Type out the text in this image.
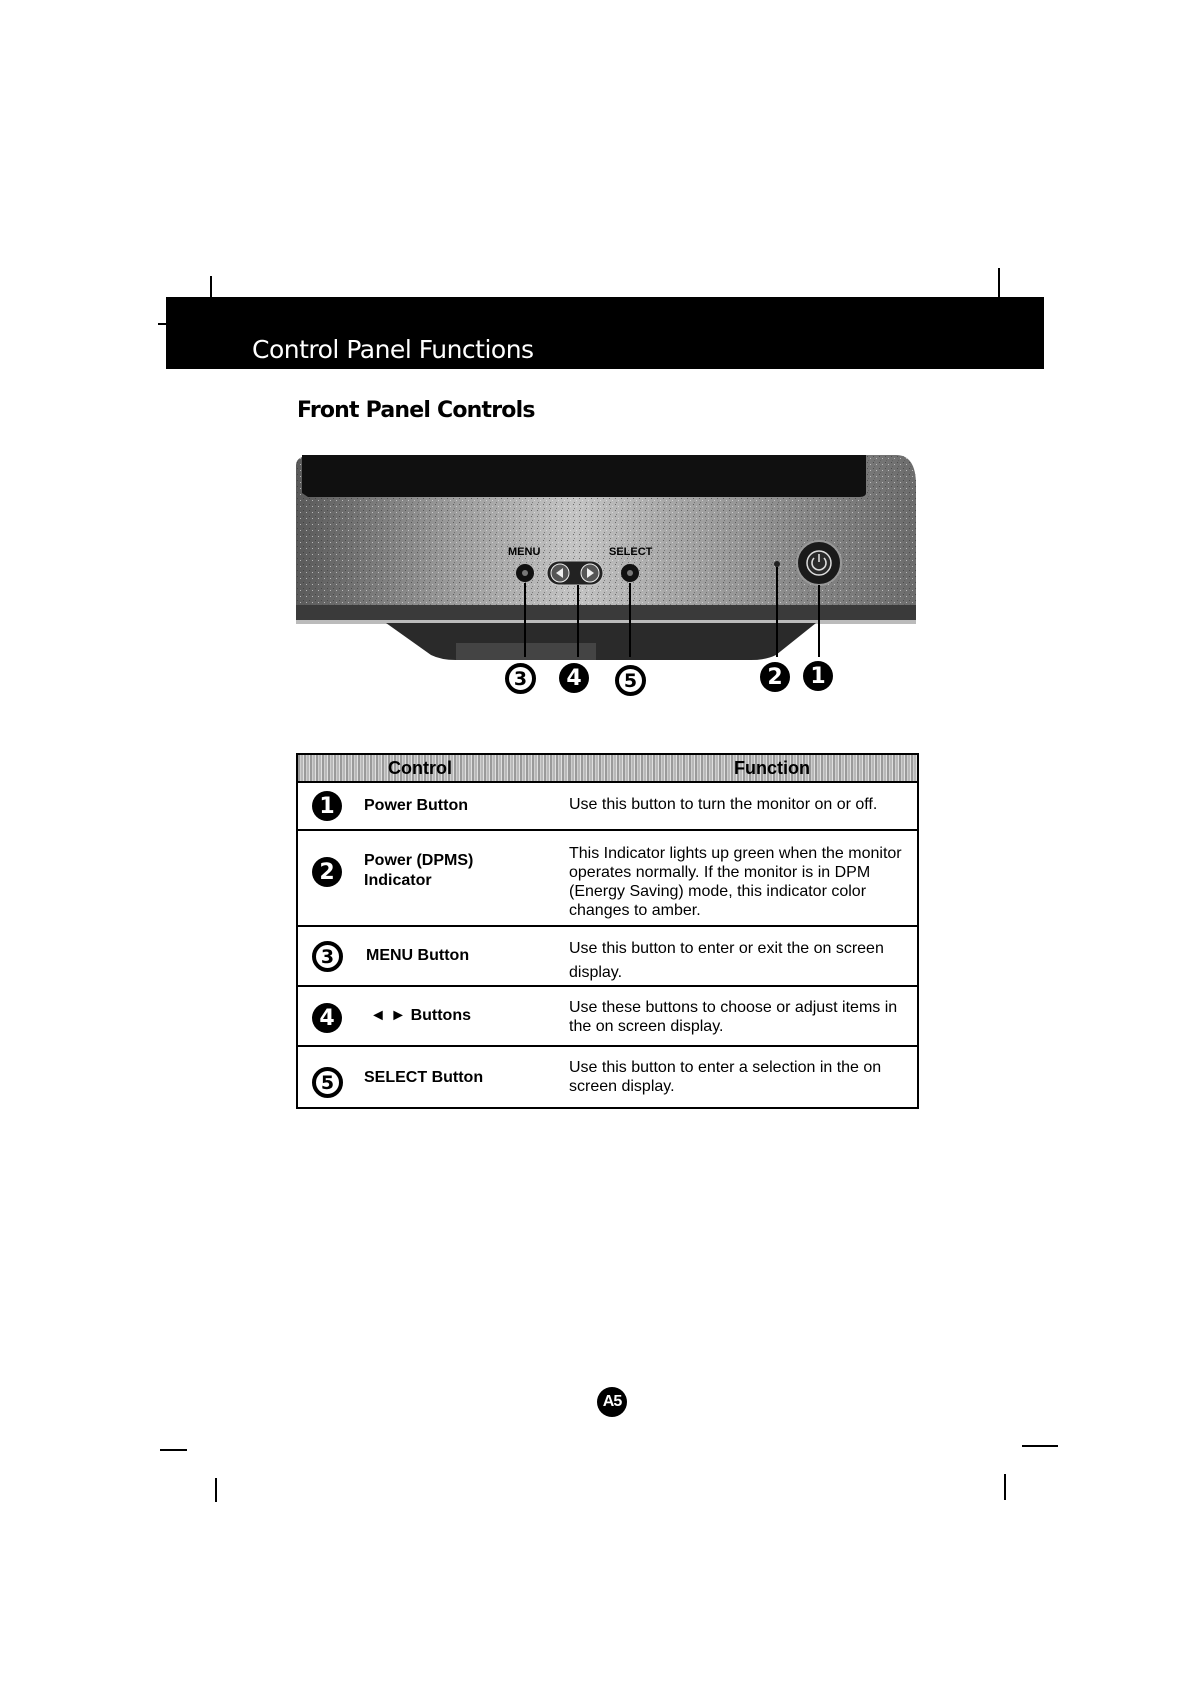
Control Panel Functions
Front Panel Controls
MENU	SELECT
3	4	5	2	1
Control		Function
1	Power Button	Use this button to turn the monitor on or off.
2	Power (DPMS) Indicator	This Indicator lights up green when the monitor operates normally. If the monitor is in DPM (Energy Saving) mode, this indicator color changes to amber.
3	MENU Button	Use this button to enter or exit the on screen display.
4	◄ ► Buttons	Use these buttons to choose or adjust items in the on screen display.
5	SELECT Button	Use this button to enter a selection in the on screen display.
A5
